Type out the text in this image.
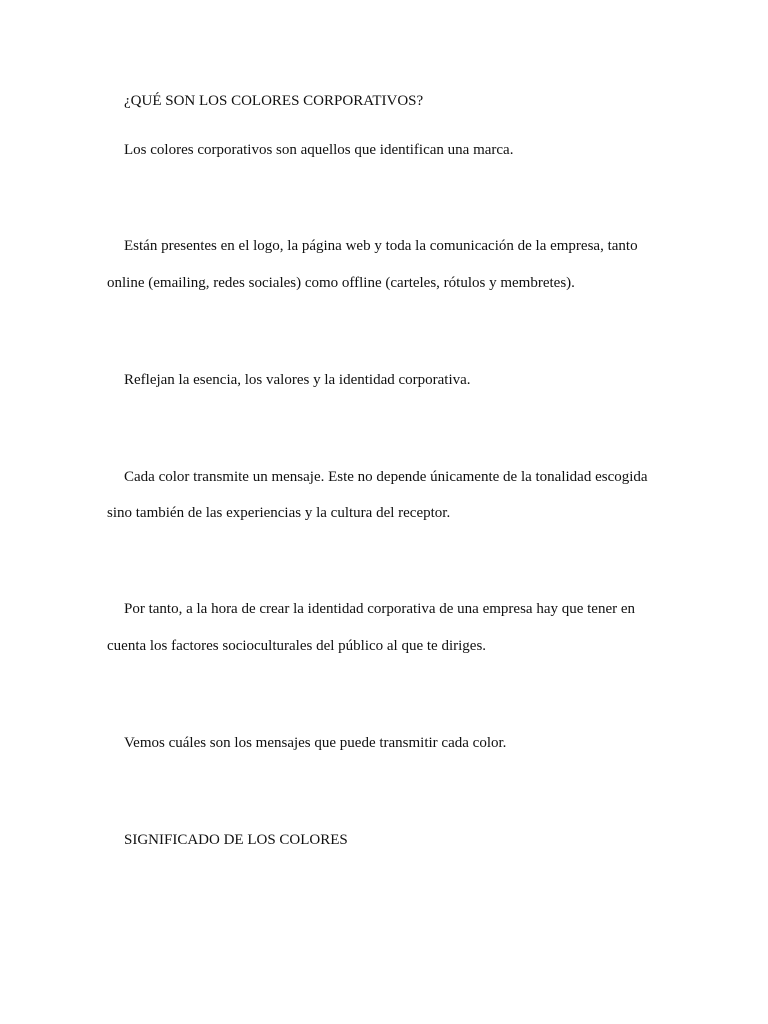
¿QUÉ SON LOS COLORES CORPORATIVOS?
Los colores corporativos son aquellos que identifican una marca.
Están presentes en el logo, la página web y toda la comunicación de la empresa, tanto
online (emailing, redes sociales) como offline (carteles, rótulos y membretes).
Reflejan la esencia, los valores y la identidad corporativa.
Cada color transmite un mensaje. Este no depende únicamente de la tonalidad escogida
sino también de las experiencias y la cultura del receptor.
Por tanto, a la hora de crear la identidad corporativa de una empresa hay que tener en
cuenta los factores socioculturales del público al que te diriges.
Vemos cuáles son los mensajes que puede transmitir cada color.
SIGNIFICADO DE LOS COLORES
